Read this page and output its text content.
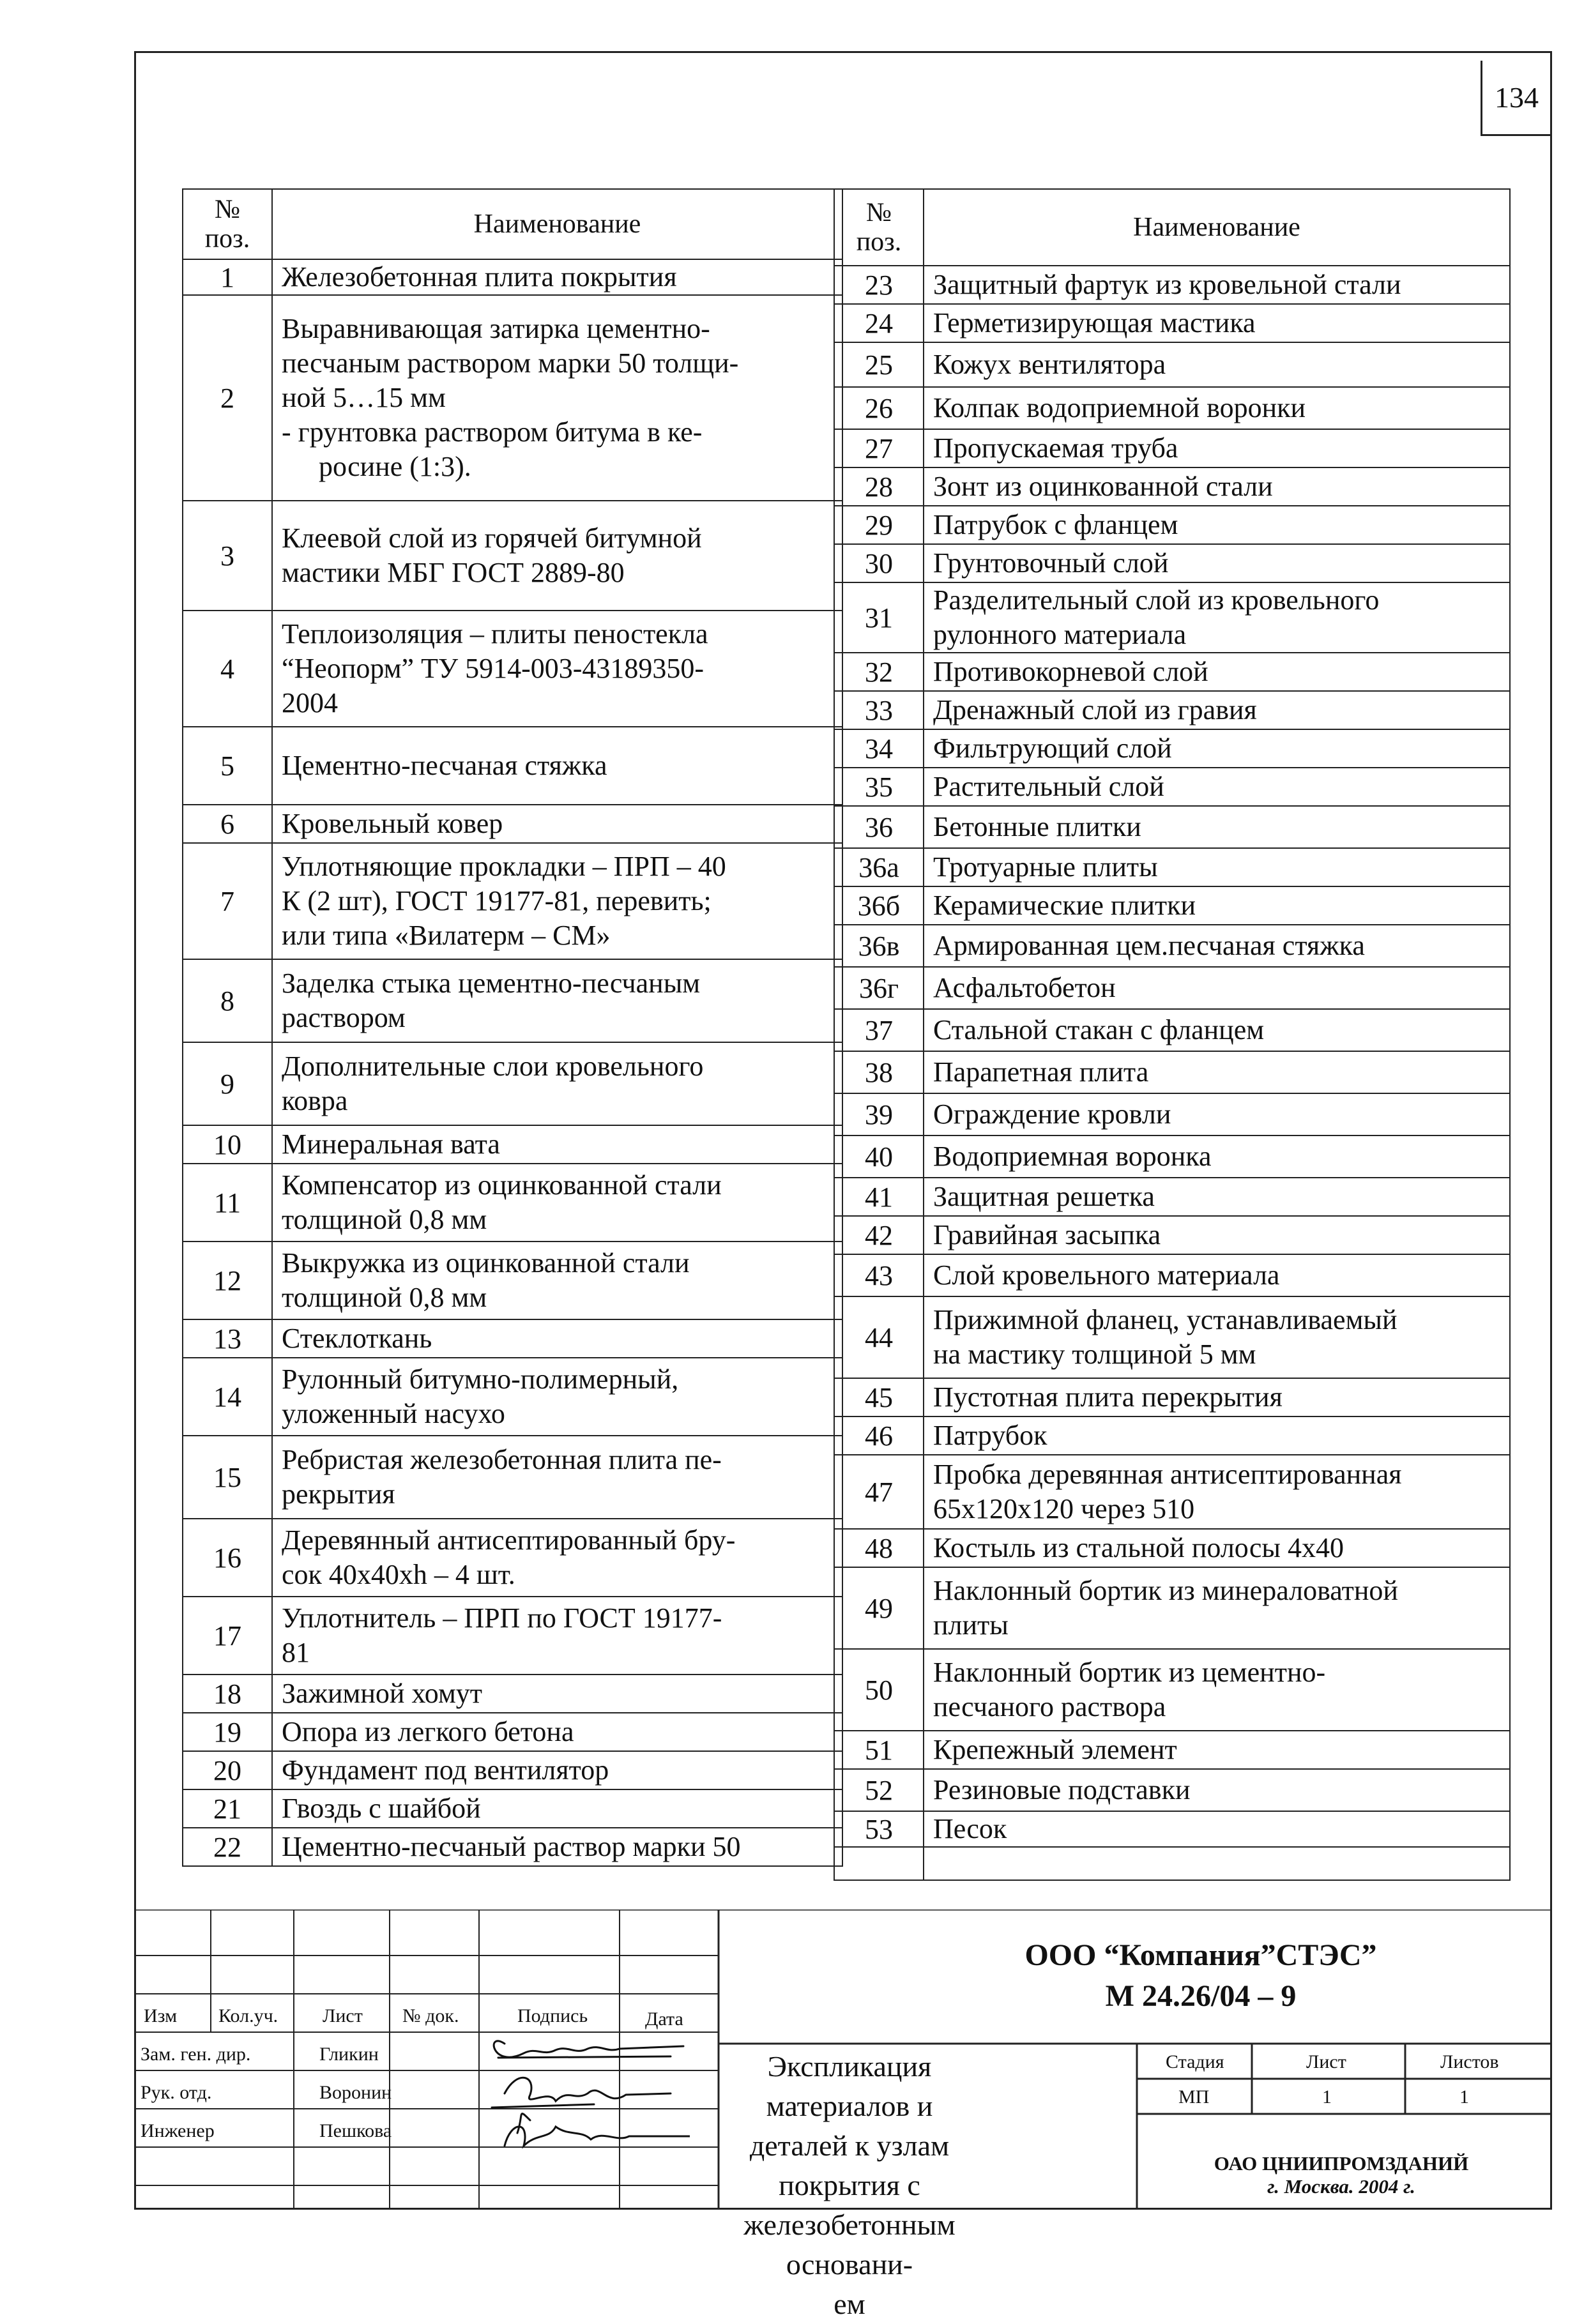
134
№
поз.	Наименование
1	Железобетонная плита покрытия
2	Выравнивающая затирка цементно-
песчаным раствором марки 50 толщи-
ной 5…15 мм
- грунтовка раствором битума в ке-
росине (1:3).

3	Клеевой слой из горячей битумной
мастики МБГ ГОСТ 2889-80

4	Теплоизоляция – плиты пеностекла
“Неопорм” ТУ 5914-003-43189350-
2004

5	Цементно-песчаная стяжка
6	Кровельный ковер
7	Уплотняющие прокладки – ПРП – 40
К (2 шт), ГОСТ 19177-81, перевить;
или типа «Вилатерм – СМ»

8	Заделка стыка цементно-песчаным
раствором

9	Дополнительные слои кровельного
ковра

10	Минеральная вата
11	Компенсатор из оцинкованной стали
толщиной 0,8 мм

12	Выкружка из оцинкованной стали
толщиной 0,8 мм

13	Стеклоткань
14	Рулонный битумно-полимерный,
уложенный насухо

15	Ребристая железобетонная плита пе-
рекрытия

16	Деревянный антисептированный бру-
сок 40х40хh – 4 шт.

17	Уплотнитель – ПРП по ГОСТ 19177-
81

18	Зажимной хомут
19	Опора из легкого бетона
20	Фундамент под вентилятор
21	Гвоздь с шайбой
22	Цементно-песчаный раствор марки 50
№
поз.	Наименование
23	Защитный фартук из кровельной стали
24	Герметизирующая мастика
25	Кожух вентилятора
26	Колпак водоприемной воронки
27	Пропускаемая труба
28	Зонт из оцинкованной стали
29	Патрубок с фланцем
30	Грунтовочный слой
31	Разделительный слой из кровельного
рулонного материала

32	Противокорневой слой
33	Дренажный слой из гравия
34	Фильтрующий слой
35	Растительный слой
36	Бетонные плитки
36а	Тротуарные плиты
36б	Керамические плитки
36в	Армированная цем.песчаная стяжка
36г	Асфальтобетон
37	Стальной стакан с фланцем
38	Парапетная плита
39	Ограждение кровли
40	Водоприемная воронка
41	Защитная решетка
42	Гравийная засыпка
43	Слой кровельного материала
44	Прижимной фланец, устанавливаемый
на мастику толщиной 5 мм

45	Пустотная плита перекрытия
46	Патрубок
47	Пробка деревянная антисептированная
65х120х120 через 510

48	Костыль из стальной полосы 4х40
49	Наклонный бортик из минераловатной
плиты

50	Наклонный бортик из цементно-
песчаного раствора

51	Крепежный элемент
52	Резиновые подставки
53	Песок

Изм Кол.уч. Лист № док.	Подпись	Дата
Зам. ген. дир.	Гликин
Рук. отд.	Воронин
Инженер	Пешкова
ООО “Компания”СТЭС”
М 24.26/04 – 9
Экспликация материалов и
деталей к узлам покрытия с
железобетонным основани-
ем
Стадия	Лист	Листов
МП	1	1
ОАО ЦНИИПРОМЗДАНИЙ
г. Москва. 2004 г.
